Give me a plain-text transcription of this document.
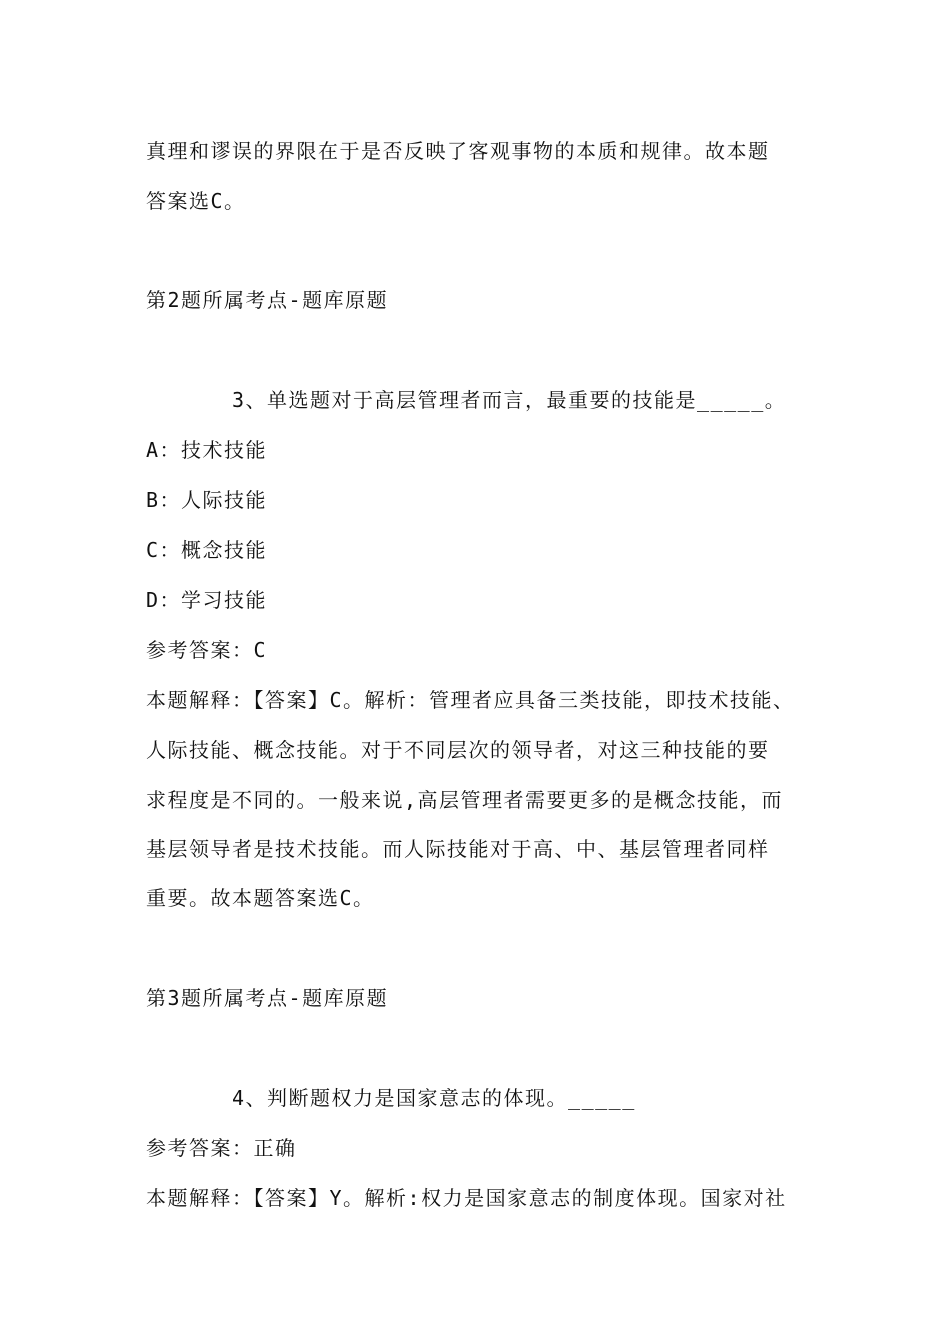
真理和谬误的界限在于是否反映了客观事物的本质和规律。故本题
答案选C。
第2题所属考点-题库原题
3、单选题对于高层管理者而言，最重要的技能是_____。
A：技术技能
B：人际技能
C：概念技能
D：学习技能
参考答案：C
本题解释：【答案】C。解析：管理者应具备三类技能，即技术技能、
人际技能、概念技能。对于不同层次的领导者，对这三种技能的要
求程度是不同的。一般来说,高层管理者需要更多的是概念技能，而
基层领导者是技术技能。而人际技能对于高、中、基层管理者同样
重要。故本题答案选C。
第3题所属考点-题库原题
4、判断题权力是国家意志的体现。_____
参考答案：正确
本题解释：【答案】Y。解析:权力是国家意志的制度体现。国家对社
